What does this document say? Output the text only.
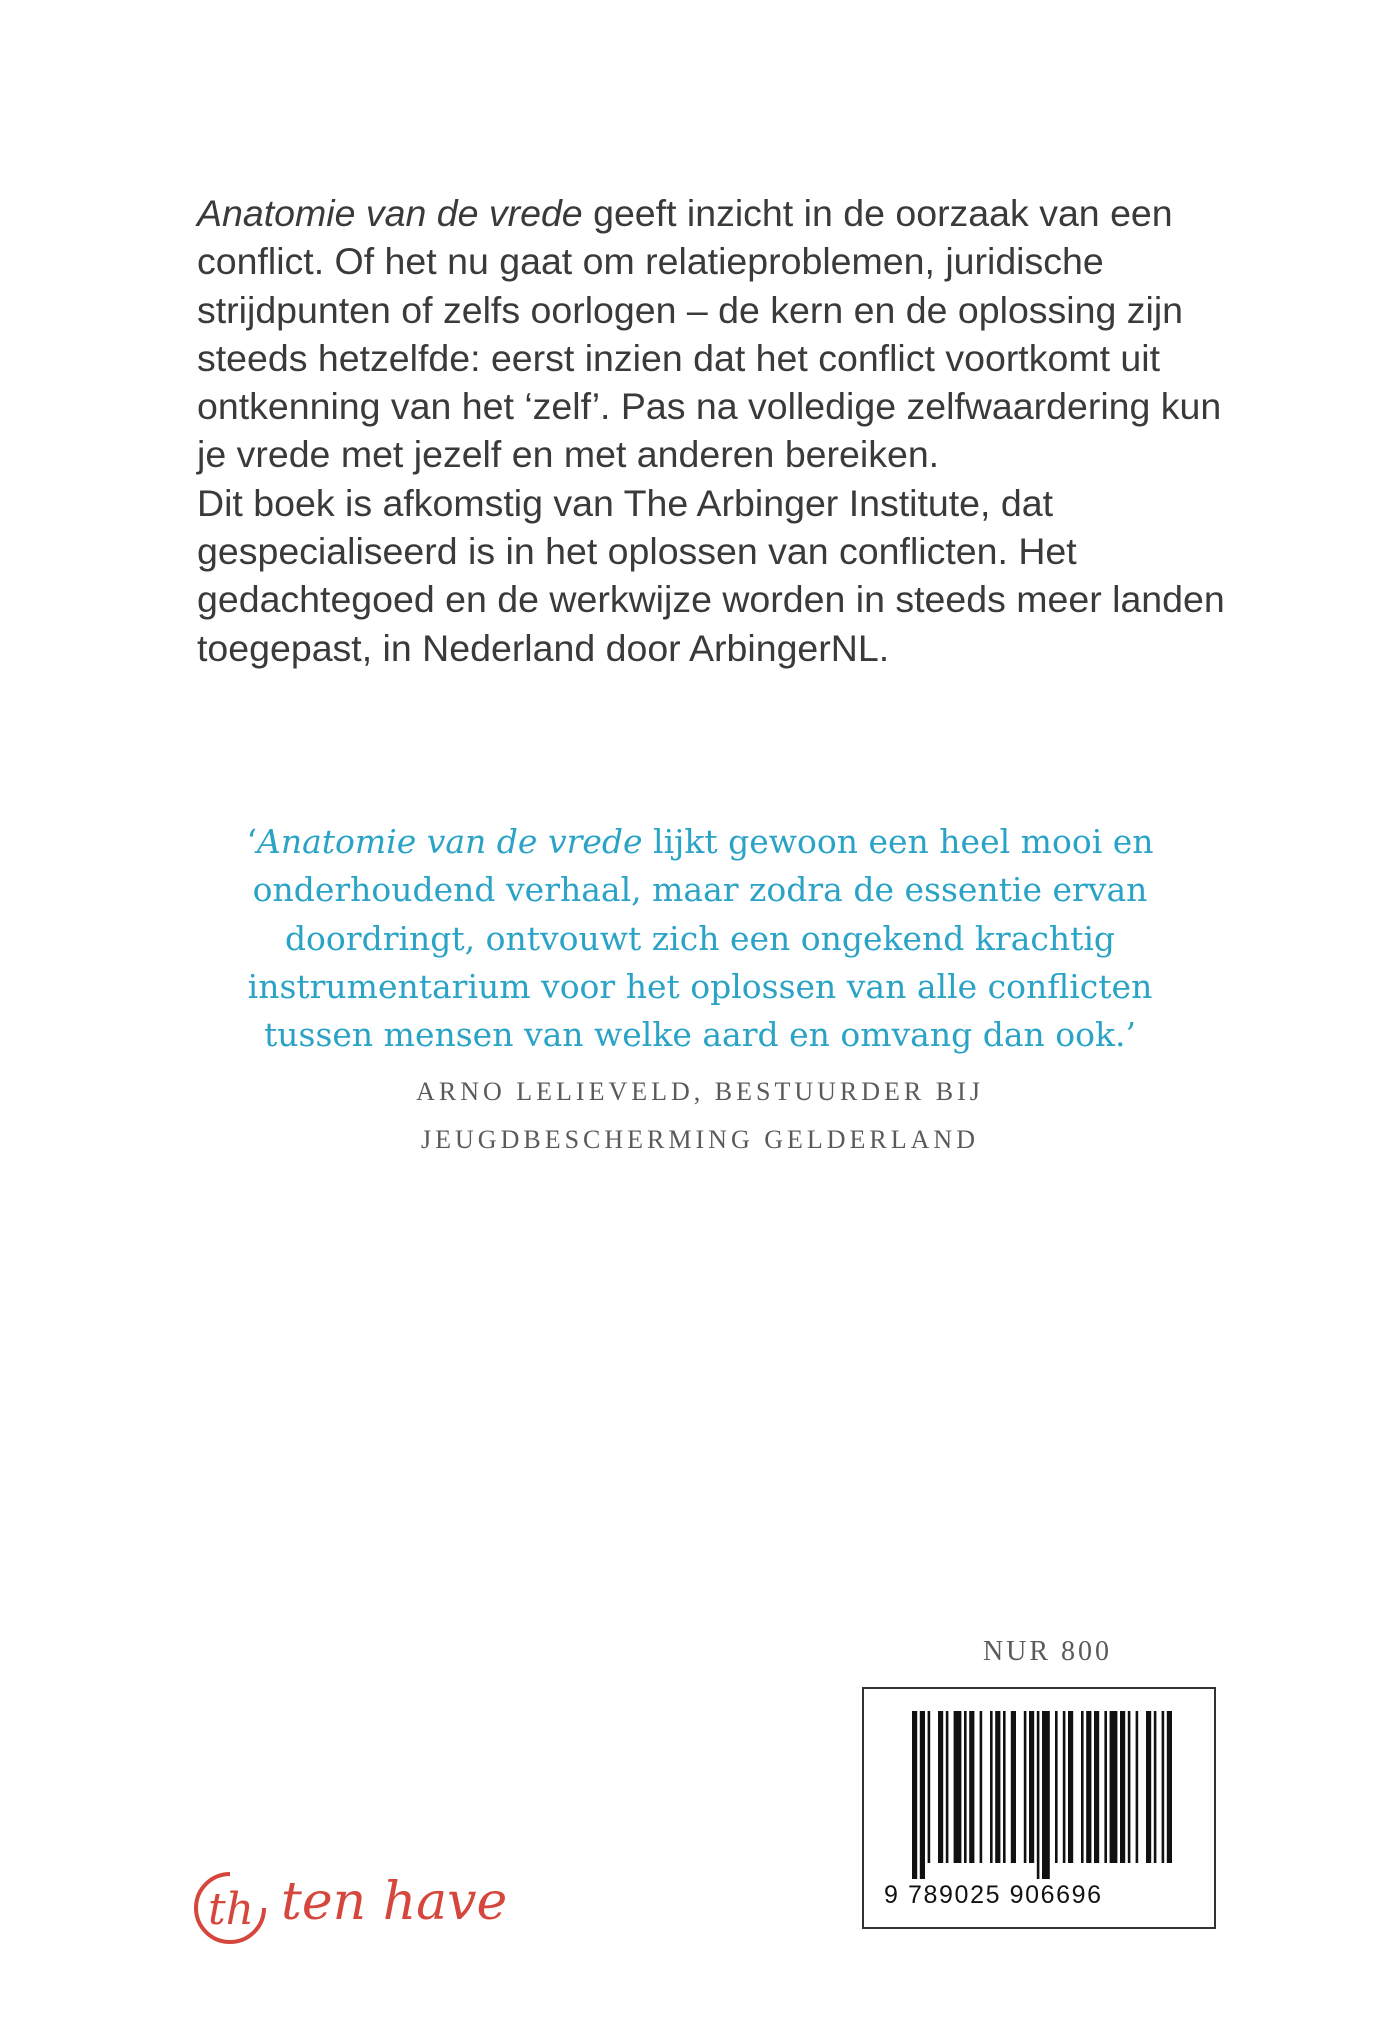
Anatomie van de vrede geeft inzicht in de oorzaak van een conflict. Of het nu gaat om relatieproblemen, juridische strijdpunten of zelfs oorlogen – de kern en de oplossing zijn steeds hetzelfde: eerst inzien dat het conflict voortkomt uit ontkenning van het ‘zelf’. Pas na volledige zelfwaardering kun je vrede met jezelf en met anderen bereiken.

Dit boek is afkomstig van The Arbinger Institute, dat gespecialiseerd is in het oplossen van conflicten. Het gedachtegoed en de werkwijze worden in steeds meer landen toegepast, in Nederland door ArbingerNL.

‘Anatomie van de vrede lijkt gewoon een heel mooi en onderhoudend verhaal, maar zodra de essentie ervan doordringt, ontvouwt zich een ongekend krachtig instrumentarium voor het oplossen van alle conflicten tussen mensen van welke aard en omvang dan ook.’
ARNO LELIEVELD, BESTUURDER BIJ
JEUGDBESCHERMING GELDERLAND
NUR 800
9 789025 906696
th ten have
